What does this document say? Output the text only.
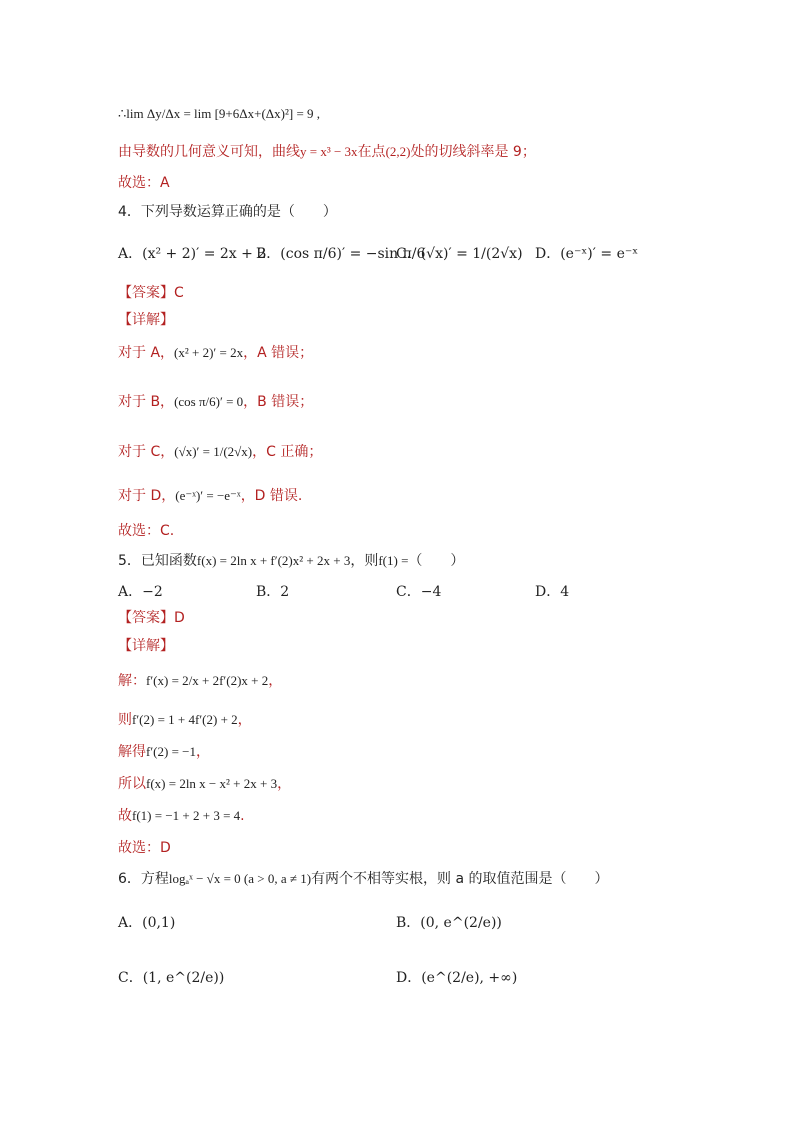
∴lim Δy/Δx = lim [9+6Δx+(Δx)²] = 9 ,
由导数的几何意义可知，曲线y = x³ − 3x在点(2,2)处的切线斜率是 9；
故选：A
4．下列导数运算正确的是（　　）
A．(x² + 2)′ = 2x + 2
B．(cos π/6)′ = −sin π/6
C．(√x)′ = 1/(2√x) D．(e⁻ˣ)′ = e⁻ˣ
【答案】C
【详解】
对于 A，(x² + 2)′ = 2x，A 错误；
对于 B，(cos π/6)′ = 0，B 错误；
对于 C，(√x)′ = 1/(2√x)，C 正确；
对于 D，(e⁻ˣ)′ = −e⁻ˣ，D 错误.
故选：C.
5．已知函数f(x) = 2ln x + f′(2)x² + 2x + 3，则f(1) =（　　）
A．−2	B．2	C．−4	D．4
【答案】D
【详解】
解：f′(x) = 2/x + 2f′(2)x + 2，
则f′(2) = 1 + 4f′(2) + 2，
解得f′(2) = −1，
所以f(x) = 2ln x − x² + 2x + 3，
故f(1) = −1 + 2 + 3 = 4.
故选：D
6．方程logₐˣ − √x = 0 (a > 0, a ≠ 1)有两个不相等实根，则 a 的取值范围是（　　）
A．(0,1)	B．(0, e^(2/e))
C．(1, e^(2/e))	D．(e^(2/e), +∞)
